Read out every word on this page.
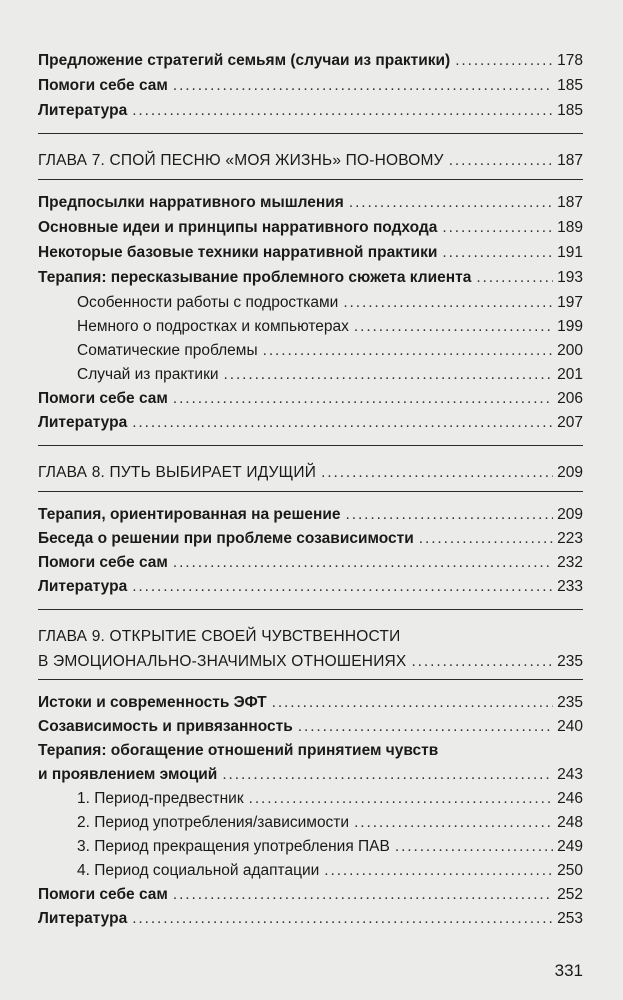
Предложение стратегий семьям (случаи из практики) . . .	178
Помоги себе сам . . .	185
Литература . . .	185
ГЛАВА 7. СПОЙ ПЕСНЮ «МОЯ ЖИЗНЬ» ПО-НОВОМУ . . .	187
Предпосылки нарративного мышления . . .	187
Основные идеи и принципы нарративного подхода . . .	189
Некоторые базовые техники нарративной практики . . .	191
Терапия: пересказывание проблемного сюжета клиента . . .	193
Особенности работы с подростками . . .	197
Немного о подростках и компьютерах . . .	199
Соматические проблемы . . .	200
Случай из практики . . .	201
Помоги себе сам . . .	206
Литература . . .	207
ГЛАВА 8. ПУТЬ ВЫБИРАЕТ ИДУЩИЙ . . .	209
Терапия, ориентированная на решение . . .	209
Беседа о решении при проблеме созависимости . . .	223
Помоги себе сам . . .	232
Литература . . .	233
ГЛАВА 9. ОТКРЫТИЕ СВОЕЙ ЧУВСТВЕННОСТИ
В ЭМОЦИОНАЛЬНО-ЗНАЧИМЫХ ОТНОШЕНИЯХ . . .	235
Истоки и современность ЭФТ . . .	235
Созависимость и привязанность . . .	240
Терапия: обогащение отношений принятием чувств
и проявлением эмоций . . .	243
1. Период-предвестник . . .	246
2. Период употребления/зависимости . . .	248
3. Период прекращения употребления ПАВ . . .	249
4. Период социальной адаптации . . .	250
Помоги себе сам . . .	252
Литература . . .	253
331
